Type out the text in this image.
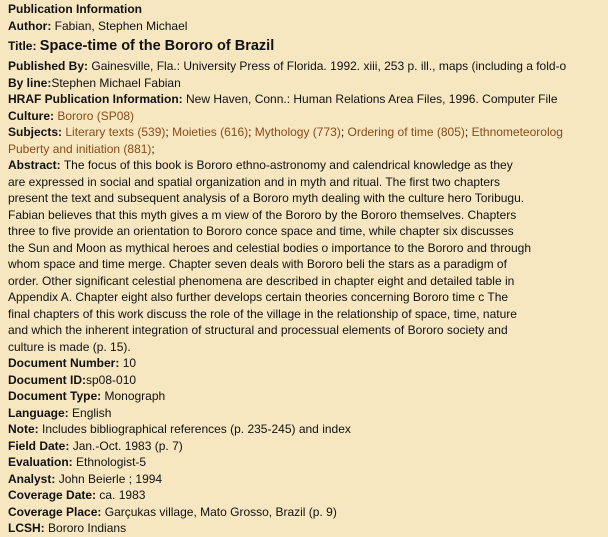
Publication Information
Author: Fabian, Stephen Michael
Title: Space-time of the Bororo of Brazil
Published By: Gainesville, Fla.: University Press of Florida. 1992. xiii, 253 p. ill., maps (including a fold-o
By line:Stephen Michael Fabian
HRAF Publication Information: New Haven, Conn.: Human Relations Area Files, 1996. Computer File
Culture: Bororo (SP08)
Subjects: Literary texts (539); Moieties (616); Mythology (773); Ordering of time (805); Ethnometeorolog
Puberty and initiation (881);
Abstract: The focus of this book is Bororo ethno-astronomy and calendrical knowledge as they are expressed in social and spatial organization and in myth and ritual. The first two chapters present the text and subsequent analysis of a Bororo myth dealing with the culture hero Toribugu. Fabian believes that this myth gives a m view of the Bororo by the Bororo themselves. Chapters three to five provide an orientation to Bororo conce space and time, while chapter six discusses the Sun and Moon as mythical heroes and celestial bodies o importance to the Bororo and through whom space and time merge. Chapter seven deals with Bororo beli the stars as a paradigm of order. Other significant celestial phenomena are described in chapter eight and detailed table in Appendix A. Chapter eight also further develops certain theories concerning Bororo time c The final chapters of this work discuss the role of the village in the relationship of space, time, nature and which the inherent integration of structural and processual elements of Bororo society and culture is made (p. 15).
Document Number: 10
Document ID:sp08-010
Document Type: Monograph
Language: English
Note: Includes bibliographical references (p. 235-245) and index
Field Date: Jan.-Oct. 1983 (p. 7)
Evaluation: Ethnologist-5
Analyst: John Beierle ; 1994
Coverage Date: ca. 1983
Coverage Place: Garçukas village, Mato Grosso, Brazil (p. 9)
LCSH: Bororo Indians
